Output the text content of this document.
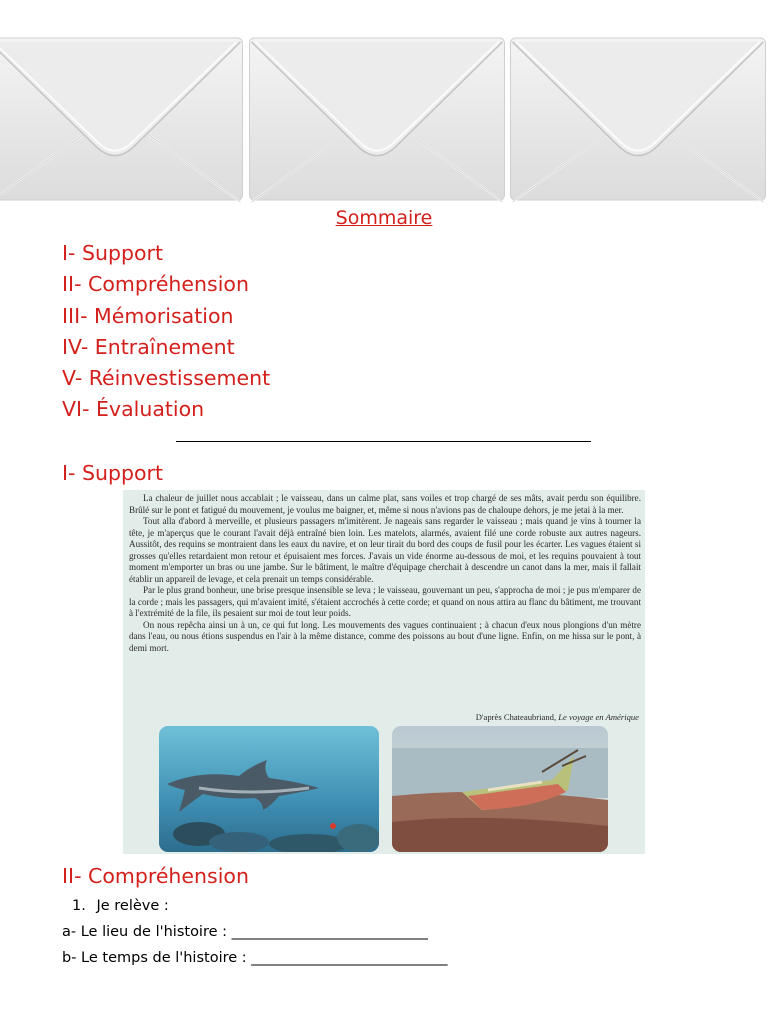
Sommaire
I- Support
II- Compréhension
III- Mémorisation
IV- Entraînement
V- Réinvestissement
VI- Évaluation
I- Support

La chaleur de juillet nous accablait ; le vaisseau, dans un calme plat, sans voiles et trop chargé de ses mâts, avait perdu son équilibre. Brûlé sur le pont et fatigué du mouvement, je voulus me baigner, et, même si nous n'avions pas de chaloupe dehors, je me jetai à la mer.

Tout alla d'abord à merveille, et plusieurs passagers m'imitèrent. Je nageais sans regarder le vaisseau ; mais quand je vins à tourner la tête, je m'aperçus que le courant l'avait déjà entraîné bien loin. Les matelots, alarmés, avaient filé une corde robuste aux autres nageurs. Aussitôt, des requins se montraient dans les eaux du navire, et on leur tirait du bord des coups de fusil pour les écarter. Les vagues étaient si grosses qu'elles retardaient mon retour et épuisaient mes forces. J'avais un vide énorme au-dessous de moi, et les requins pouvaient à tout moment m'emporter un bras ou une jambe. Sur le bâtiment, le maître d'équipage cherchait à descendre un canot dans la mer, mais il fallait établir un appareil de levage, et cela prenait un temps considérable.

Par le plus grand bonheur, une brise presque insensible se leva ; le vaisseau, gouvernant un peu, s'approcha de moi ; je pus m'emparer de la corde ; mais les passagers, qui m'avaient imité, s'étaient accrochés à cette corde; et quand on nous attira au flanc du bâtiment, me trouvant à l'extrémité de la file, ils pesaient sur moi de tout leur poids.

On nous repêcha ainsi un à un, ce qui fut long. Les mouvements des vagues continuaient ; à chacun d'eux nous plongions d'un mètre dans l'eau, ou nous étions suspendus en l'air à la même distance, comme des poissons au bout d'une ligne. Enfin, on me hissa sur le pont, à demi mort.

D'après Chateaubriand, Le voyage en Amérique

II- Compréhension
1. Je relève :
a- Le lieu de l'histoire : _____________________________
b- Le temps de l'histoire : _____________________________
